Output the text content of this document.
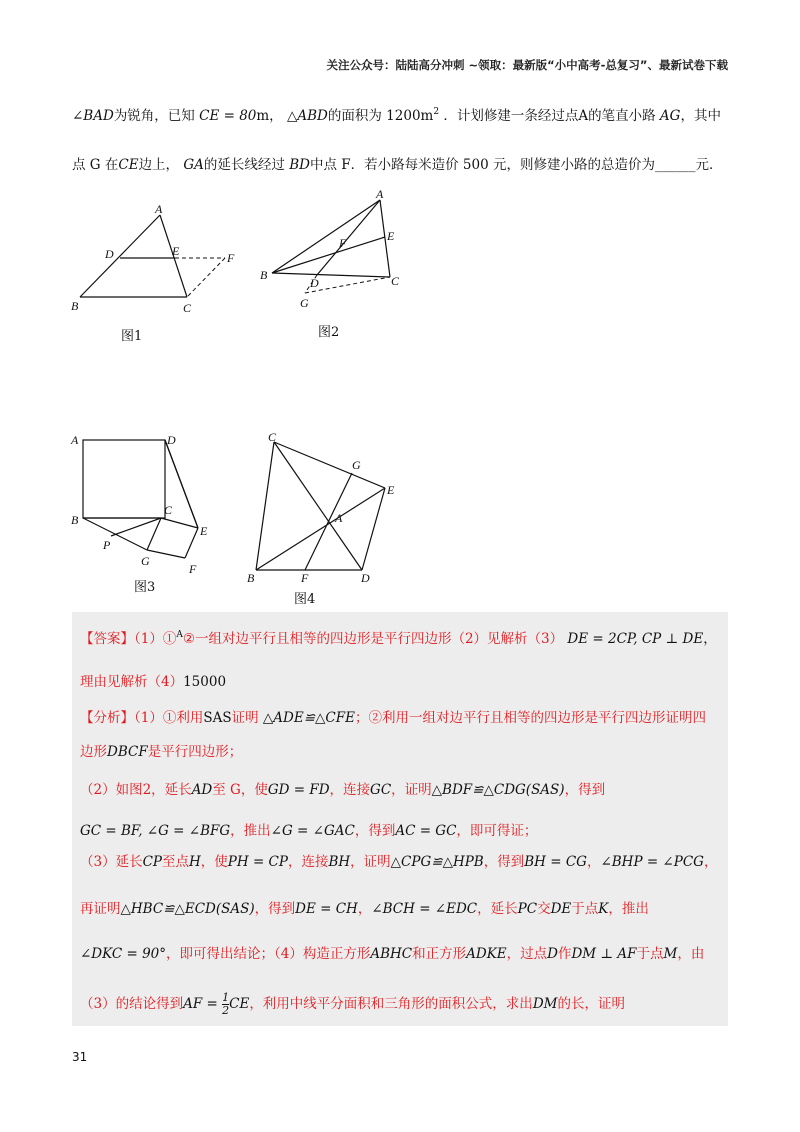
关注公众号：陆陆高分冲刺 ~领取：最新版“小中高考-总复习”、最新试卷下载
∠BAD为锐角，已知 CE = 80m， △ABD的面积为 $1200m^2$ ．计划修建一条经过点A的笔直小路 AG，其中
点 G 在CE边上， GA的延长线经过 BD中点 F．若小路每米造价 500 元，则修建小路的总造价为______元．
A
D	E	F
B	C
图1
A
E
F
B
D	C
G
图2
A	D
B
C
E
P
G
F
图3
C
G
E
A
B	F	D
图4
【答案】（1）①$^A$②一组对边平行且相等的四边形是平行四边形（2）见解析（3） DE = 2CP, CP ⊥ DE，
理由见解析（4）15000
【分析】（1）①利用SAS证明 △ADE≌△CFE；②利用一组对边平行且相等的四边形是平行四边形证明四
边形DBCF是平行四边形；
（2）如图2，延长AD至 G，使GD = FD，连接GC，证明△BDF≌△CDG(SAS)，得到
GC = BF, ∠G = ∠BFG，推出∠G = ∠GAC，得到AC = GC，即可得证；
（3）延长CP至点H，使PH = CP，连接BH，证明△CPG≌△HPB，得到BH = CG，∠BHP = ∠PCG，
再证明△HBC≌△ECD(SAS)，得到DE = CH，∠BCH = ∠EDC，延长PC交DE于点K，推出
∠DKC = 90°，即可得出结论；（4）构造正方形ABHC和正方形ADKE，过点D作DM ⊥ AF于点M，由
（3）的结论得到AF = $\frac{1}{2}$ CE，利用中线平分面积和三角形的面积公式，求出DM的长，证明
31
